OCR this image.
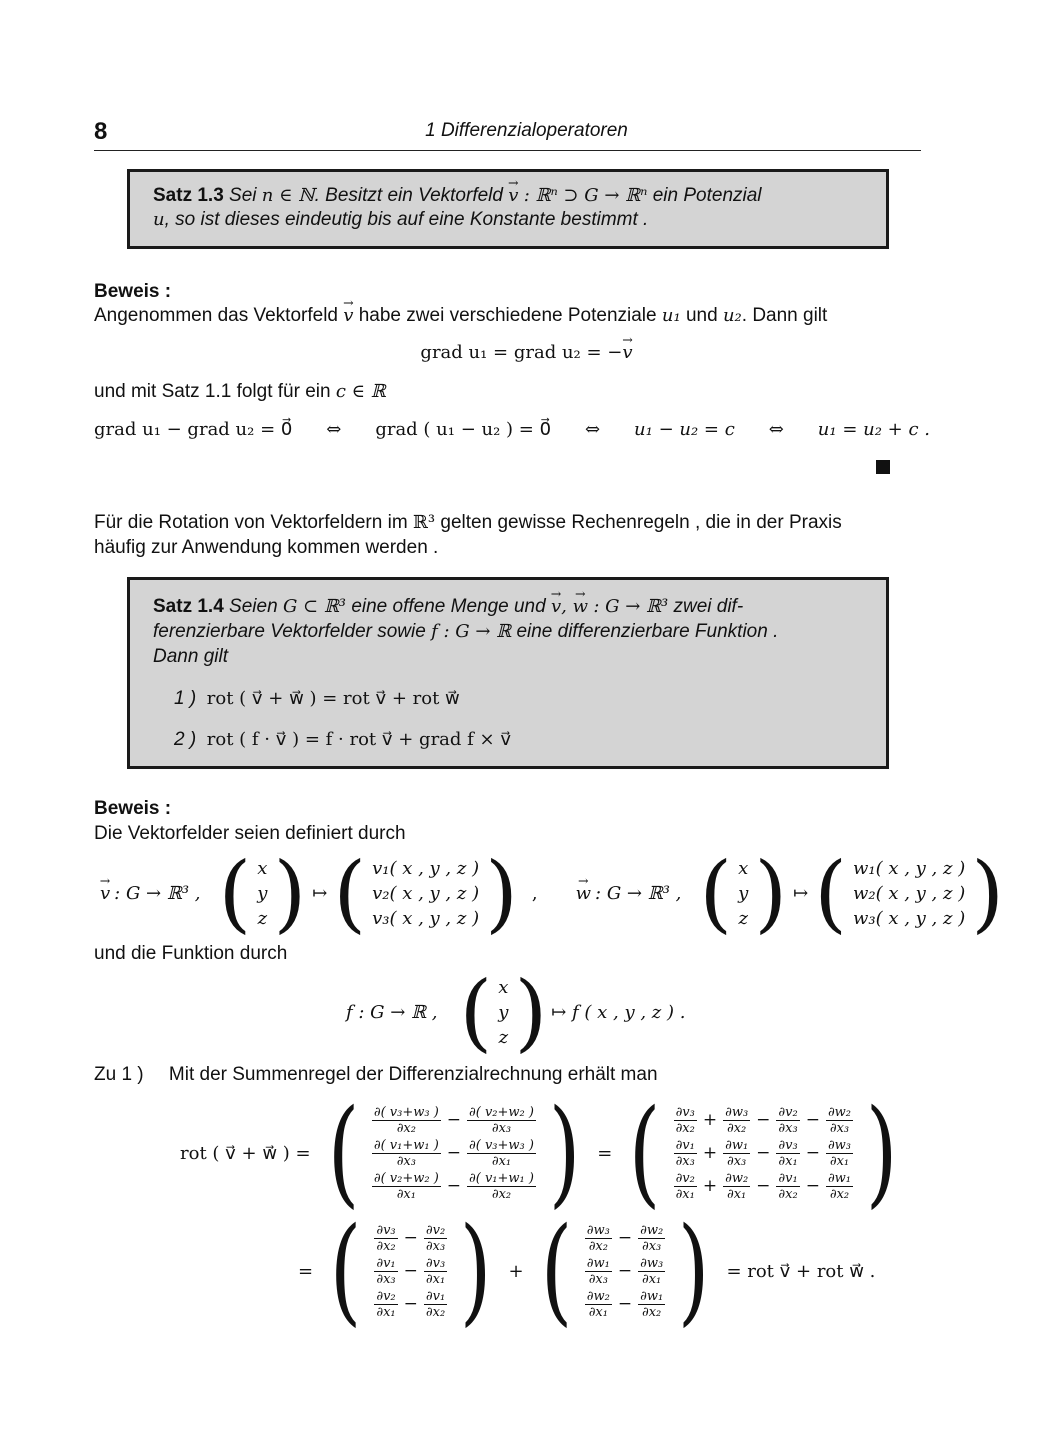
8	1 Differenzialoperatoren
Satz 1.3 Sei n ∈ ℕ. Besitzt ein Vektorfeld → v : ℝⁿ ⊃ G → ℝⁿ ein Potenzial
u, so ist dieses eindeutig bis auf eine Konstante bestimmt .
Beweis :
Angenommen das Vektorfeld → v habe zwei verschiedene Potenziale u₁ und u₂. Dann gilt
grad u₁ = grad u₂ = −→ v
und mit Satz 1.1 folgt für ein c ∈ ℝ
grad u₁ − grad u₂ = 0⃗ ⇔ grad ( u₁ − u₂ ) = 0⃗ ⇔ u₁ − u₂ = c ⇔ u₁ = u₂ + c .
Für die Rotation von Vektorfeldern im ℝ³ gelten gewisse Rechenregeln , die in der Praxis
häufig zur Anwendung kommen werden .
Satz 1.4 Seien G ⊂ ℝ³ eine offene Menge und → v, → w : G → ℝ³ zwei dif-
ferenzierbare Vektorfelder sowie f : G → ℝ eine differenzierbare Funktion .
Dann gilt
1 ) rot ( v⃗ + w⃗ ) = rot v⃗ + rot w⃗
2 ) rot ( f · v⃗ ) = f · rot v⃗ + grad f × v⃗
Beweis :
Die Vektorfelder seien definiert durch
→ v : G → ℝ³ , ( x
y
z ) ↦ ( v₁( x , y , z )
v₂( x , y , z )
v₃( x , y , z ) ) , → w : G → ℝ³ , ( x
y
z ) ↦ ( w₁( x , y , z )
w₂( x , y , z )
w₃( x , y , z ) )
und die Funktion durch
f : G → ℝ , ( x
y
z ) ↦ f ( x , y , z ) .
Zu 1 ) Mit der Summenregel der Differenzialrechnung erhält man
rot ( v⃗ + w⃗ ) = ( $\frac{\text{∂( v₃+w₃ )}}{\text{∂x₂}} - \frac{\text{∂( v₂+w₂ )}}{\text{∂x₃}}$
$\frac{\text{∂( v₁+w₁ )}}{\text{∂x₃}} - \frac{\text{∂( v₃+w₃ )}}{\text{∂x₁}}$
$\frac{\text{∂( v₂+w₂ )}}{\text{∂x₁}} - \frac{\text{∂( v₁+w₁ )}}{\text{∂x₂}}$ ) = ( $\frac{\text{∂v₃}}{\text{∂x₂}} + \frac{\text{∂w₃}}{\text{∂x₂}} - \frac{\text{∂v₂}}{\text{∂x₃}} - \frac{\text{∂w₂}}{\text{∂x₃}}$
$\frac{\text{∂v₁}}{\text{∂x₃}} + \frac{\text{∂w₁}}{\text{∂x₃}} - \frac{\text{∂v₃}}{\text{∂x₁}} - \frac{\text{∂w₃}}{\text{∂x₁}}$
$\frac{\text{∂v₂}}{\text{∂x₁}} + \frac{\text{∂w₂}}{\text{∂x₁}} - \frac{\text{∂v₁}}{\text{∂x₂}} - \frac{\text{∂w₁}}{\text{∂x₂}}$ )
= ( $\frac{\text{∂v₃}}{\text{∂x₂}} - \frac{\text{∂v₂}}{\text{∂x₃}}$
$\frac{\text{∂v₁}}{\text{∂x₃}} - \frac{\text{∂v₃}}{\text{∂x₁}}$
$\frac{\text{∂v₂}}{\text{∂x₁}} - \frac{\text{∂v₁}}{\text{∂x₂}}$ ) + ( $\frac{\text{∂w₃}}{\text{∂x₂}} - \frac{\text{∂w₂}}{\text{∂x₃}}$
$\frac{\text{∂w₁}}{\text{∂x₃}} - \frac{\text{∂w₃}}{\text{∂x₁}}$
$\frac{\text{∂w₂}}{\text{∂x₁}} - \frac{\text{∂w₁}}{\text{∂x₂}}$ ) = rot v⃗ + rot w⃗ .
